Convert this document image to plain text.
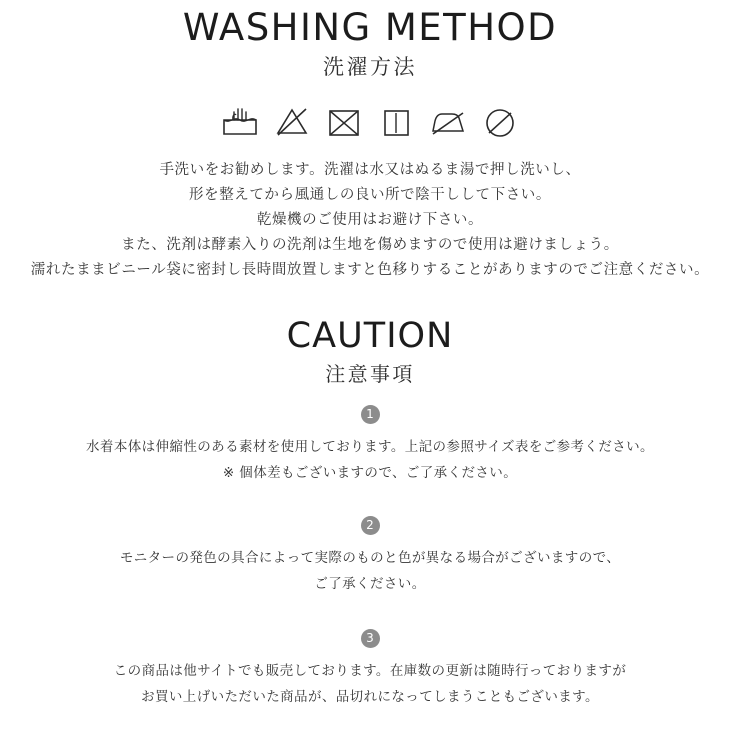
WASHING METHOD
洗濯方法
手洗いをお勧めします。洗濯は水又はぬるま湯で押し洗いし、
形を整えてから風通しの良い所で陰干しして下さい。
乾燥機のご使用はお避け下さい。
また、洗剤は酵素入りの洗剤は生地を傷めますので使用は避けましょう。
濡れたままビニール袋に密封し長時間放置しますと色移りすることがありますのでご注意ください。
CAUTION
注意事項
1
水着本体は伸縮性のある素材を使用しております。上記の参照サイズ表をご参考ください。
※ 個体差もございますので、ご了承ください。
2
モニターの発色の具合によって実際のものと色が異なる場合がございますので、
ご了承ください。
3
この商品は他サイトでも販売しております。在庫数の更新は随時行っておりますが
お買い上げいただいた商品が、品切れになってしまうこともございます。
